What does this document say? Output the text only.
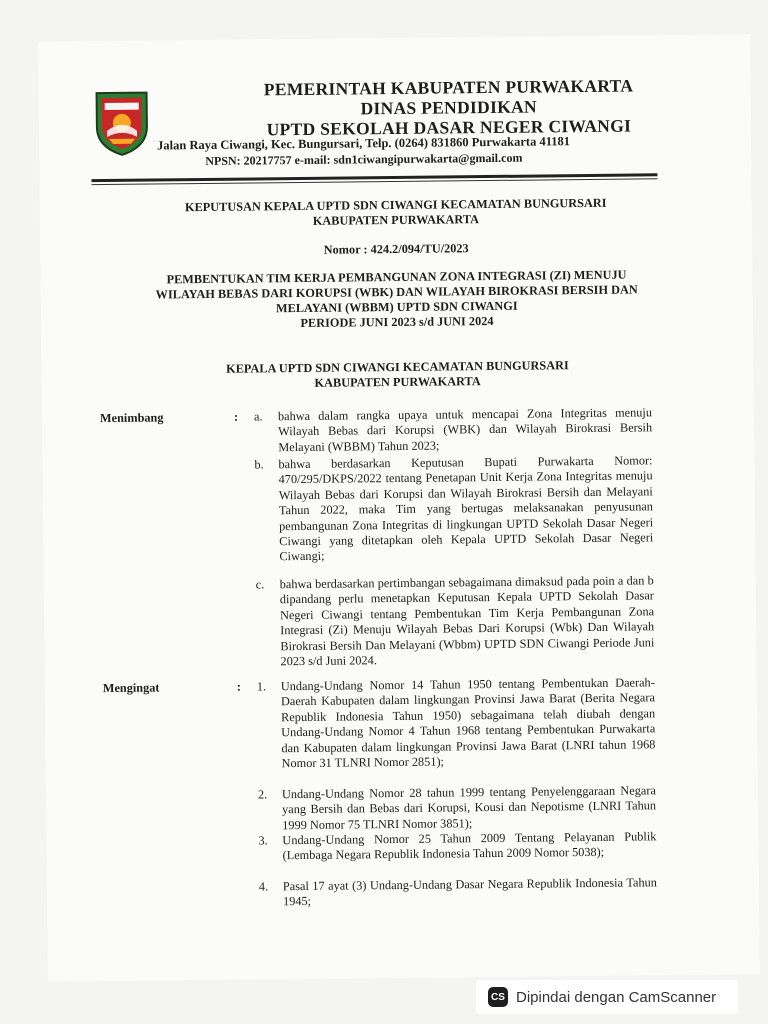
PEMERINTAH KABUPATEN PURWAKARTA
DINAS PENDIDIKAN
UPTD SEKOLAH DASAR NEGER CIWANGI
Jalan Raya Ciwangi, Kec. Bungursari, Telp. (0264) 831860 Purwakarta 41181
NPSN: 20217757 e-mail: sdn1ciwangipurwakarta@gmail.com
KEPUTUSAN KEPALA UPTD SDN CIWANGI KECAMATAN BUNGURSARI
KABUPATEN PURWAKARTA
Nomor : 424.2/094/TU/2023
PEMBENTUKAN TIM KERJA PEMBANGUNAN ZONA INTEGRASI (ZI) MENUJU
WILAYAH BEBAS DARI KORUPSI (WBK) DAN WILAYAH BIROKRASI BERSIH DAN
MELAYANI (WBBM) UPTD SDN CIWANGI
PERIODE JUNI 2023 s/d JUNI 2024
KEPALA UPTD SDN CIWANGI KECAMATAN BUNGURSARI
KABUPATEN PURWAKARTA
Menimbang	: a.	bahwa dalam rangka upaya untuk mencapai Zona Integritas menuju Wilayah Bebas dari Korupsi (WBK) dan Wilayah Birokrasi Bersih Melayani (WBBM) Tahun 2023;
b.	bahwa berdasarkan Keputusan Bupati Purwakarta Nomor: 470/295/DKPS/2022 tentang Penetapan Unit Kerja Zona Integritas menuju Wilayah Bebas dari Korupsi dan Wilayah Birokrasi Bersih dan Melayani Tahun 2022, maka Tim yang bertugas melaksanakan penyusunan pembangunan Zona Integritas di lingkungan UPTD Sekolah Dasar Negeri Ciwangi yang ditetapkan oleh Kepala UPTD Sekolah Dasar Negeri Ciwangi;
c.	bahwa berdasarkan pertimbangan sebagaimana dimaksud pada poin a dan b dipandang perlu menetapkan Keputusan Kepala UPTD Sekolah Dasar Negeri Ciwangi tentang Pembentukan Tim Kerja Pembangunan Zona Integrasi (Zi) Menuju Wilayah Bebas Dari Korupsi (Wbk) Dan Wilayah Birokrasi Bersih Dan Melayani (Wbbm) UPTD SDN Ciwangi Periode Juni 2023 s/d Juni 2024.
Mengingat	: 1.	Undang-Undang Nomor 14 Tahun 1950 tentang Pembentukan Daerah-Daerah Kabupaten dalam lingkungan Provinsi Jawa Barat (Berita Negara Republik Indonesia Tahun 1950) sebagaimana telah diubah dengan Undang-Undang Nomor 4 Tahun 1968 tentang Pembentukan Purwakarta dan Kabupaten dalam lingkungan Provinsi Jawa Barat (LNRI tahun 1968 Nomor 31 TLNRI Nomor 2851);
2.	Undang-Undang Nomor 28 tahun 1999 tentang Penyelenggaraan Negara yang Bersih dan Bebas dari Korupsi, Kousi dan Nepotisme (LNRI Tahun 1999 Nomor 75 TLNRI Nomor 3851);
3.	Undang-Undang Nomor 25 Tahun 2009 Tentang Pelayanan Publik (Lembaga Negara Republik Indonesia Tahun 2009 Nomor 5038);
4.	Pasal 17 ayat (3) Undang-Undang Dasar Negara Republik Indonesia Tahun 1945;
CS Dipindai dengan CamScanner
